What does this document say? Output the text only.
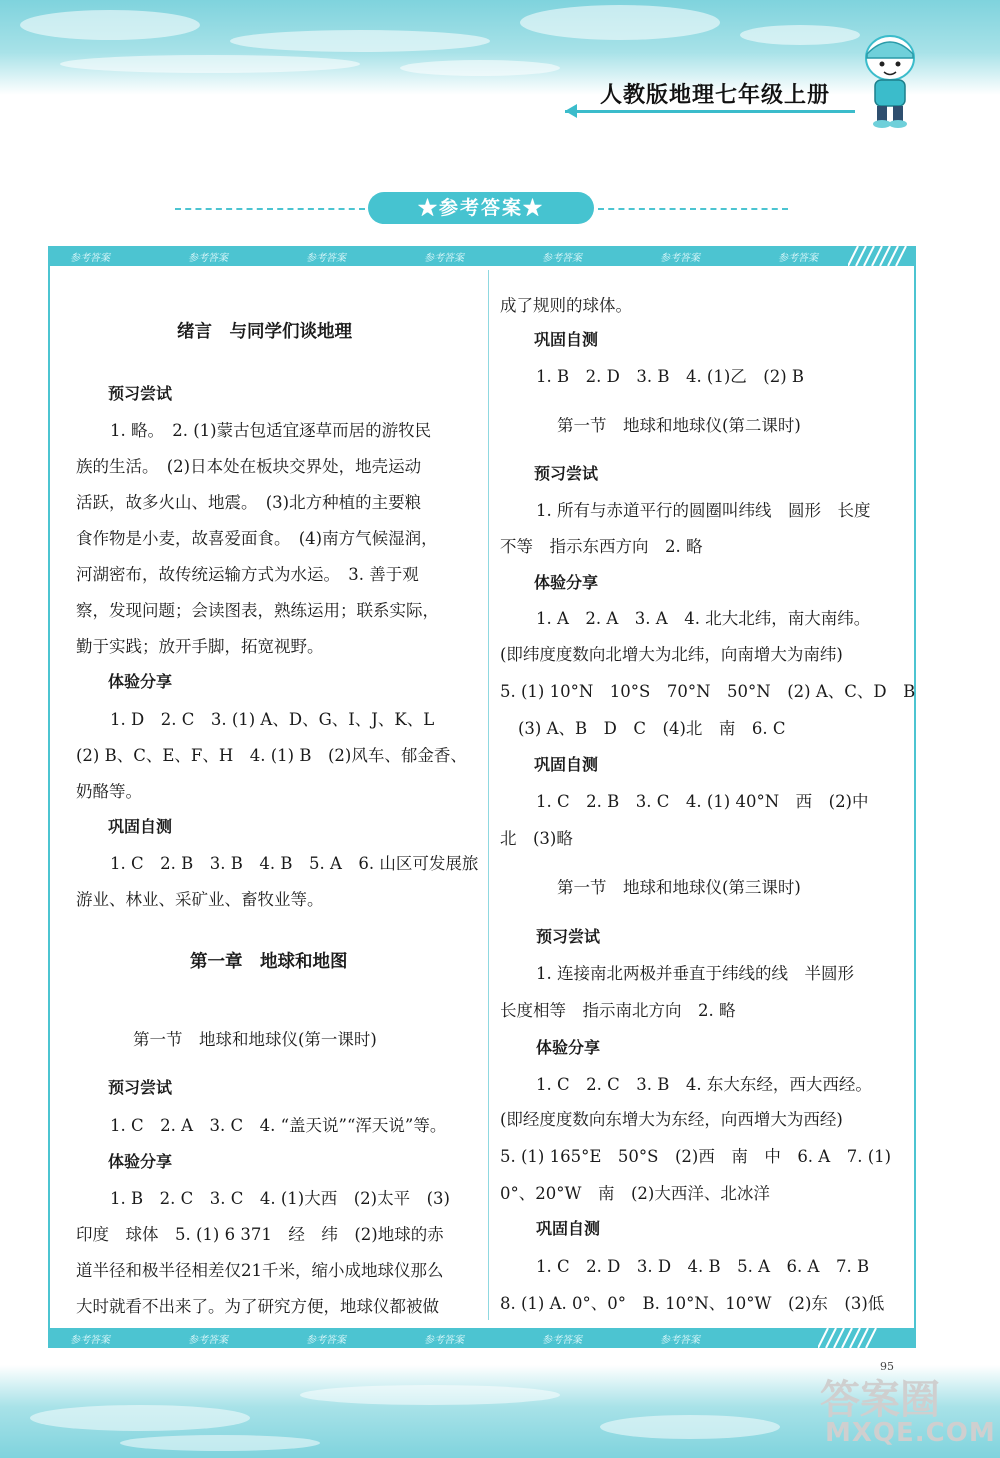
人教版地理七年级上册
★参考答案★
参考答案	参考答案	参考答案	参考答案	参考答案	参考答案	参考答案
绪言　与同学们谈地理
预习尝试
1. 略。　2. (1)蒙古包适宜逐草而居的游牧民
族的生活。　(2)日本处在板块交界处，地壳运动
活跃，故多火山、地震。　(3)北方种植的主要粮
食作物是小麦，故喜爱面食。　(4)南方气候湿润，
河湖密布，故传统运输方式为水运。　3. 善于观
察，发现问题；会读图表，熟练运用；联系实际，
勤于实践；放开手脚，拓宽视野。
体验分享
1. D　2. C　3. (1) A、D、G、I、J、K、L
(2) B、C、E、F、H　4. (1) B　(2)风车、郁金香、
奶酪等。
巩固自测
1. C　2. B　3. B　4. B　5. A　6. 山区可发展旅
游业、林业、采矿业、畜牧业等。
第一章　地球和地图
第一节　地球和地球仪(第一课时)
预习尝试
1. C　2. A　3. C　4. “盖天说”“浑天说”等。
体验分享
1. B　2. C　3. C　4. (1)大西　(2)太平　(3)
印度　球体　5. (1) 6 371　经　纬　(2)地球的赤
道半径和极半径相差仅21千米，缩小成地球仪那么
大时就看不出来了。为了研究方便，地球仪都被做
成了规则的球体。
巩固自测
1. B　2. D　3. B　4. (1)乙　(2) B
第一节　地球和地球仪(第二课时)
预习尝试
1. 所有与赤道平行的圆圈叫纬线　圆形　长度
不等　指示东西方向　2. 略
体验分享
1. A　2. A　3. A　4. 北大北纬，南大南纬。
(即纬度度数向北增大为北纬，向南增大为南纬)
5. (1) 10°N　10°S　70°N　50°N　(2) A、C、D　B
(3) A、B　D　C　(4)北　南　6. C
巩固自测
1. C　2. B　3. C　4. (1) 40°N　西　(2)中
北　(3)略
第一节　地球和地球仪(第三课时)
预习尝试
1. 连接南北两极并垂直于纬线的线　半圆形
长度相等　指示南北方向　2. 略
体验分享
1. C　2. C　3. B　4. 东大东经，西大西经。
(即经度度数向东增大为东经，向西增大为西经)
5. (1) 165°E　50°S　(2)西　南　中　6. A　7. (1)
0°、20°W　南　(2)大西洋、北冰洋
巩固自测
1. C　2. D　3. D　4. B　5. A　6. A　7. B
8. (1) A. 0°、0°　B. 10°N、10°W　(2)东　(3)低
参考答案	参考答案	参考答案	参考答案	参考答案	参考答案
95
答案圈
MXQE.COM
